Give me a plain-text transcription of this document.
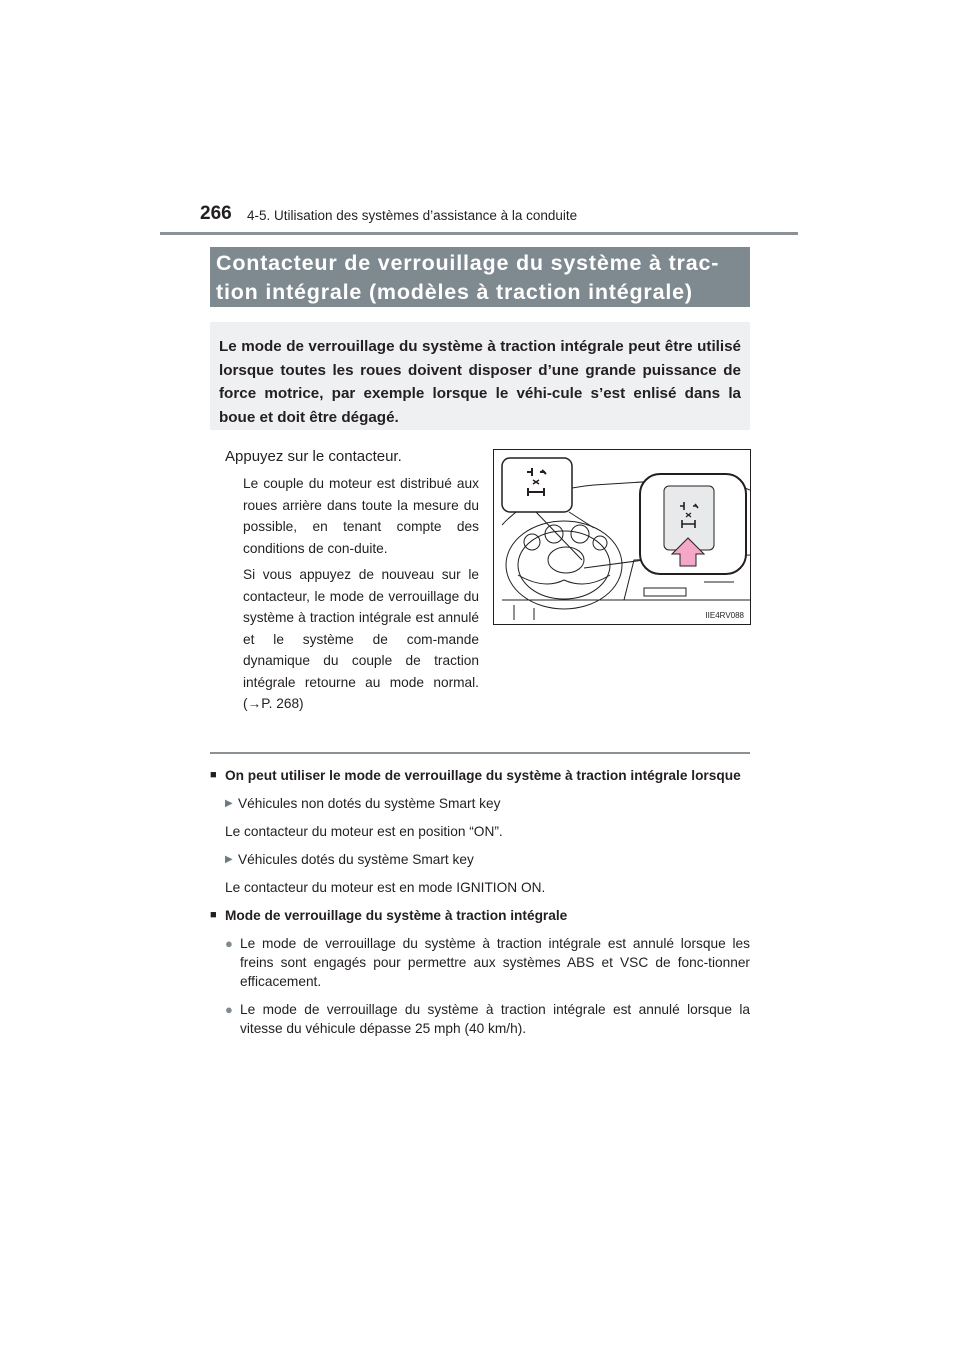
266 4-5. Utilisation des systèmes d’assistance à la conduite
Contacteur de verrouillage du système à trac-
tion intégrale (modèles à traction intégrale)
Le mode de verrouillage du système à traction intégrale peut être utilisé lorsque toutes les roues doivent disposer d’une grande puissance de force motrice, par exemple lorsque le véhi-cule s’est enlisé dans la boue et doit être dégagé.
Appuyez sur le contacteur.

Le couple du moteur est distribué aux roues arrière dans toute la mesure du possible, en tenant compte des conditions de con-duite.

Si vous appuyez de nouveau sur le contacteur, le mode de verrouillage du système à traction intégrale est annulé et le système de com-mande dynamique du couple de traction intégrale retourne au mode normal. (→P. 268)

IIE4RV088
■ On peut utiliser le mode de verrouillage du système à traction intégrale lorsque
▶ Véhicules non dotés du système Smart key
Le contacteur du moteur est en position “ON”.
▶ Véhicules dotés du système Smart key
Le contacteur du moteur est en mode IGNITION ON.
■ Mode de verrouillage du système à traction intégrale
● Le mode de verrouillage du système à traction intégrale est annulé lorsque les freins sont engagés pour permettre aux systèmes ABS et VSC de fonc-tionner efficacement.
● Le mode de verrouillage du système à traction intégrale est annulé lorsque la vitesse du véhicule dépasse 25 mph (40 km/h).
